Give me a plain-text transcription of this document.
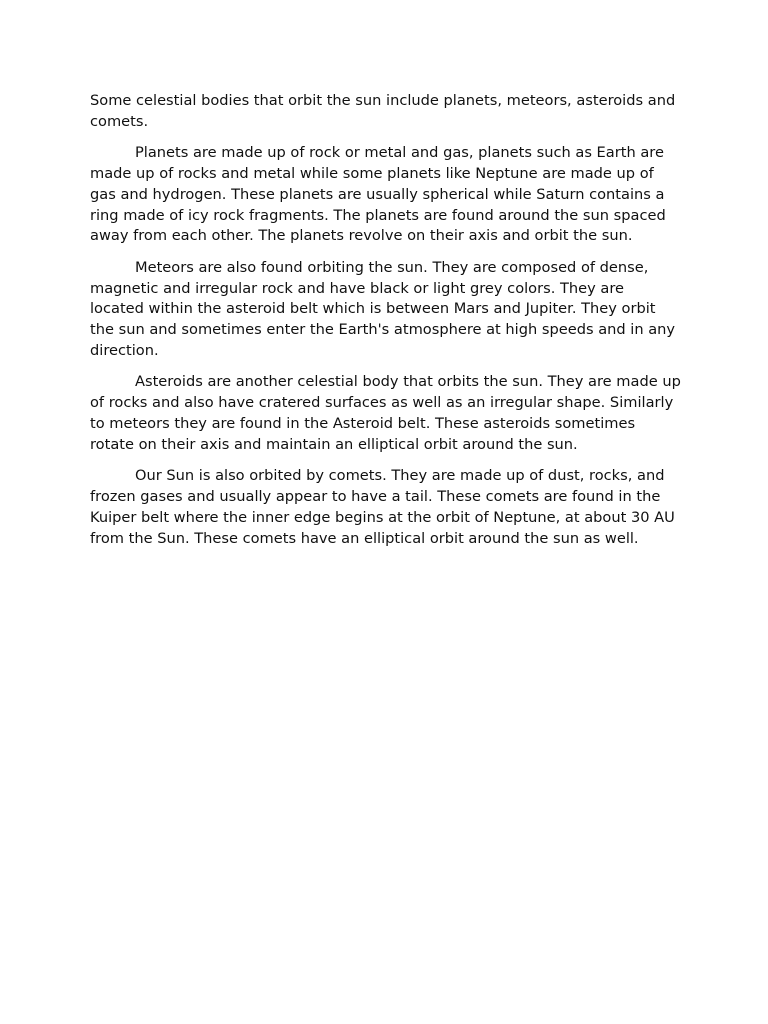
Some celestial bodies that orbit the sun include planets, meteors, asteroids and comets.

Planets are made up of rock or metal and gas, planets such as Earth are made up of rocks and metal while some planets like Neptune are made up of gas and hydrogen. These planets are usually spherical while Saturn contains a ring made of icy rock fragments. The planets are found around the sun spaced away from each other. The planets revolve on their axis and orbit the sun.

Meteors are also found orbiting the sun. They are composed of dense, magnetic and irregular rock and have black or light grey colors. They are located within the asteroid belt which is between Mars and Jupiter. They orbit the sun and sometimes enter the Earth's atmosphere at high speeds and in any direction.

Asteroids are another celestial body that orbits the sun. They are made up of rocks and also have cratered surfaces as well as an irregular shape. Similarly to meteors they are found in the Asteroid belt. These asteroids sometimes rotate on their axis and maintain an elliptical orbit around the sun.

Our Sun is also orbited by comets. They are made up of dust, rocks, and frozen gases and usually appear to have a tail. These comets are found in the Kuiper belt where the inner edge begins at the orbit of Neptune, at about 30 AU from the Sun. These comets have an elliptical orbit around the sun as well.
